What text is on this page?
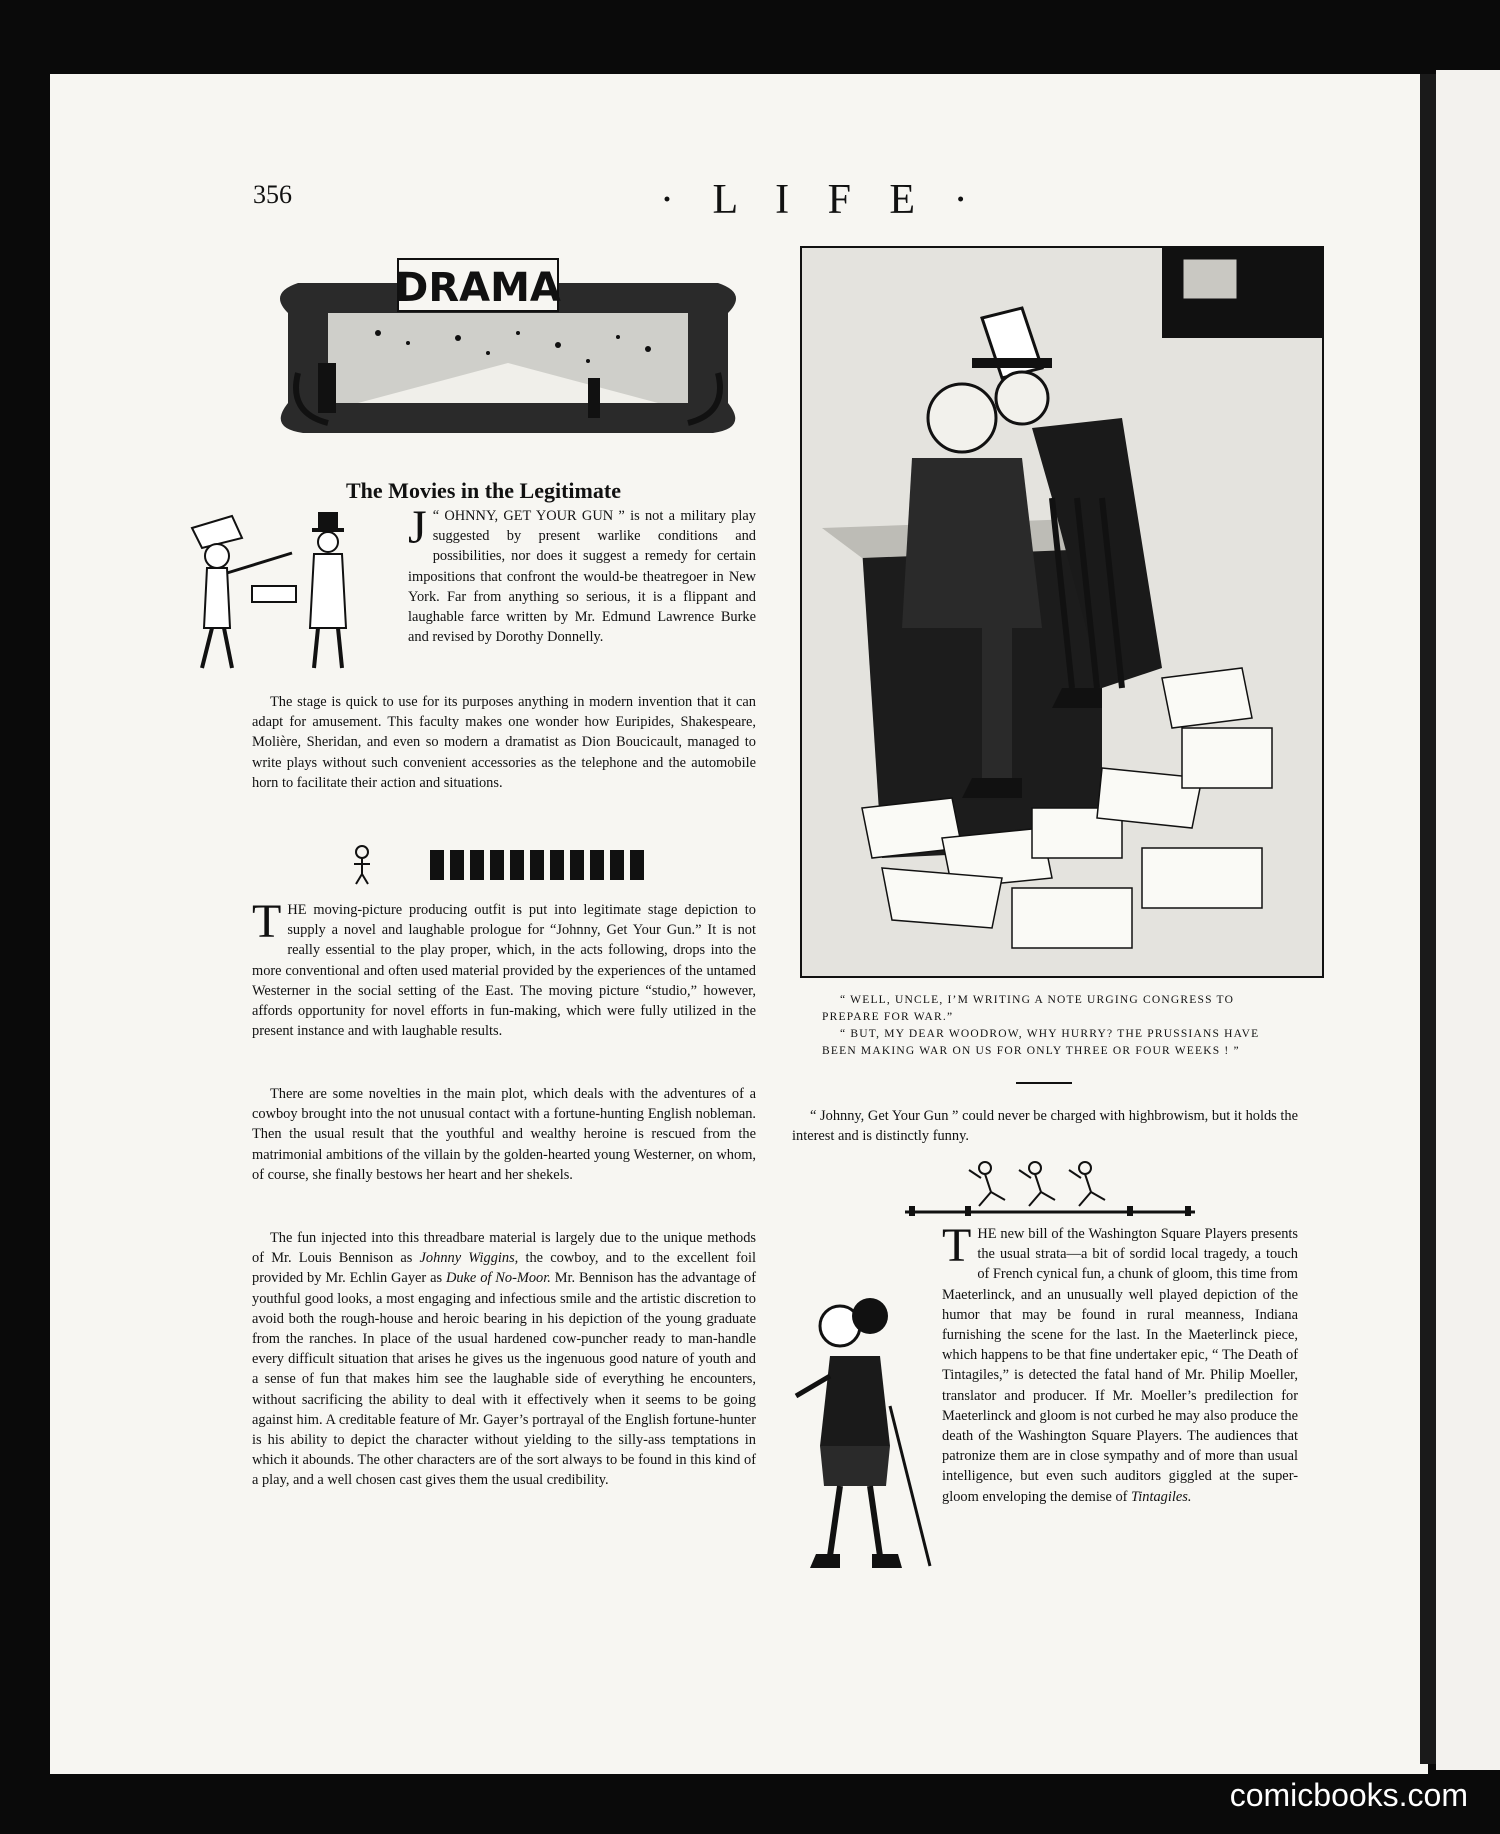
356	· L I F E ·
DRAMA
The Movies in the Legitimate

J “ OHNNY, GET YOUR GUN ” is not a military play suggested by present warlike conditions and possibilities, nor does it suggest a remedy for certain impositions that confront the would-be theatregoer in New York. Far from anything so serious, it is a flippant and laughable farce written by Mr. Edmund Lawrence Burke and revised by Dorothy Donnelly.

The stage is quick to use for its purposes anything in modern invention that it can adapt for amusement. This faculty makes one wonder how Euripides, Shakespeare, Molière, Sheridan, and even so modern a dramatist as Dion Boucicault, managed to write plays without such convenient accessories as the telephone and the automobile horn to facilitate their action and situations.

THE moving-picture producing outfit is put into legitimate stage depiction to supply a novel and laughable prologue for “Johnny, Get Your Gun.” It is not really essential to the play proper, which, in the acts following, drops into the more conventional and often used material provided by the experiences of the untamed Westerner in the social setting of the East. The moving picture “studio,” however, affords opportunity for novel efforts in fun-making, which were fully utilized in the present instance and with laughable results.

There are some novelties in the main plot, which deals with the adventures of a cowboy brought into the not unusual contact with a fortune-hunting English nobleman. Then the usual result that the youthful and wealthy heroine is rescued from the matrimonial ambitions of the villain by the golden-hearted young Westerner, on whom, of course, she finally bestows her heart and her shekels.

The fun injected into this threadbare material is largely due to the unique methods of Mr. Louis Bennison as Johnny Wiggins, the cowboy, and to the excellent foil provided by Mr. Echlin Gayer as Duke of No-Moor. Mr. Bennison has the advantage of youthful good looks, a most engaging and infectious smile and the artistic discretion to avoid both the rough-house and heroic bearing in his depiction of the young graduate from the ranches. In place of the usual hardened cow-puncher ready to man-handle every difficult situation that arises he gives us the ingenuous good nature of youth and a sense of fun that makes him see the laughable side of everything he encounters, without sacrificing the ability to deal with it effectively when it seems to be going against him. A creditable feature of Mr. Gayer’s portrayal of the English fortune-hunter is his ability to depict the character without yielding to the silly-ass temptations in which it abounds. The other characters are of the sort always to be found in this kind of a play, and a well chosen cast gives them the usual credibility.

“ WELL, UNCLE, I’M WRITING A NOTE URGING CONGRESS TO PREPARE FOR WAR.”

“ BUT, MY DEAR WOODROW, WHY HURRY? THE PRUSSIANS HAVE BEEN MAKING WAR ON US FOR ONLY THREE OR FOUR WEEKS ! ”

“ Johnny, Get Your Gun ” could never be charged with highbrowism, but it holds the interest and is distinctly funny.

THE new bill of the Washington Square Players presents the usual strata—a bit of sordid local tragedy, a touch of French cynical fun, a chunk of gloom, this time from Maeterlinck, and an unusually well played depiction of the humor that may be found in rural meanness, Indiana furnishing the scene for the last. In the Maeterlinck piece, which happens to be that fine undertaker epic, “ The Death of Tintagiles,” is detected the fatal hand of Mr. Philip Moeller, translator and producer. If Mr. Moeller’s predilection for Maeterlinck and gloom is not curbed he may also produce the death of the Washington Square Players. The audiences that patronize them are in close sympathy and of more than usual intelligence, but even such auditors giggled at the super-gloom enveloping the demise of Tintagiles.

comicbooks.com
